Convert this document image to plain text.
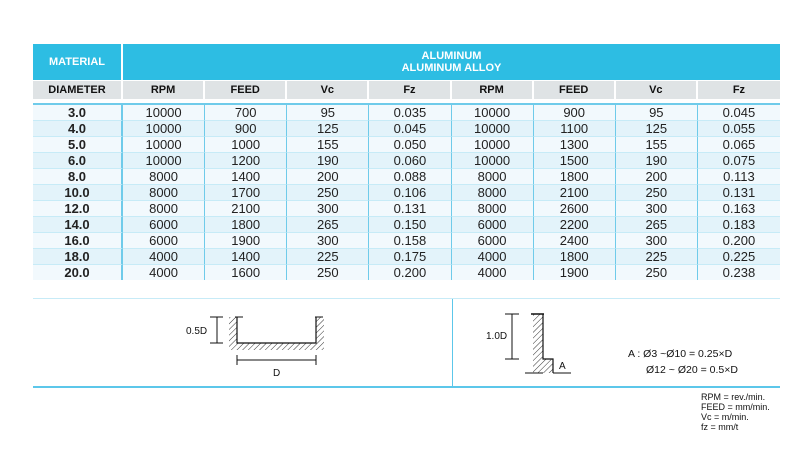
MATERIAL	ALUMINUM
ALUMINUM ALLOY							
DIAMETER	RPM	FEED	Vc	Fz	RPM	FEED	Vc	Fz
3.0	10000	700	95	0.035	10000	900	95	0.045
4.0	10000	900	125	0.045	10000	1100	125	0.055
5.0	10000	1000	155	0.050	10000	1300	155	0.065
6.0	10000	1200	190	0.060	10000	1500	190	0.075
8.0	8000	1400	200	0.088	8000	1800	200	0.113
10.0	8000	1700	250	0.106	8000	2100	250	0.131
12.0	8000	2100	300	0.131	8000	2600	300	0.163
14.0	6000	1800	265	0.150	6000	2200	265	0.183
16.0	6000	1900	300	0.158	6000	2400	300	0.200
18.0	4000	1400	225	0.175	4000	1800	225	0.225
20.0	4000	1600	250	0.200	4000	1900	250	0.238
0.5D
D
1.0D
A
A : Ø3 ~Ø10 = 0.25×D
Ø12 ~ Ø20 = 0.5×D
RPM = rev./min.
FEED = mm/min.
Vc = m/min.
fz = mm/t
